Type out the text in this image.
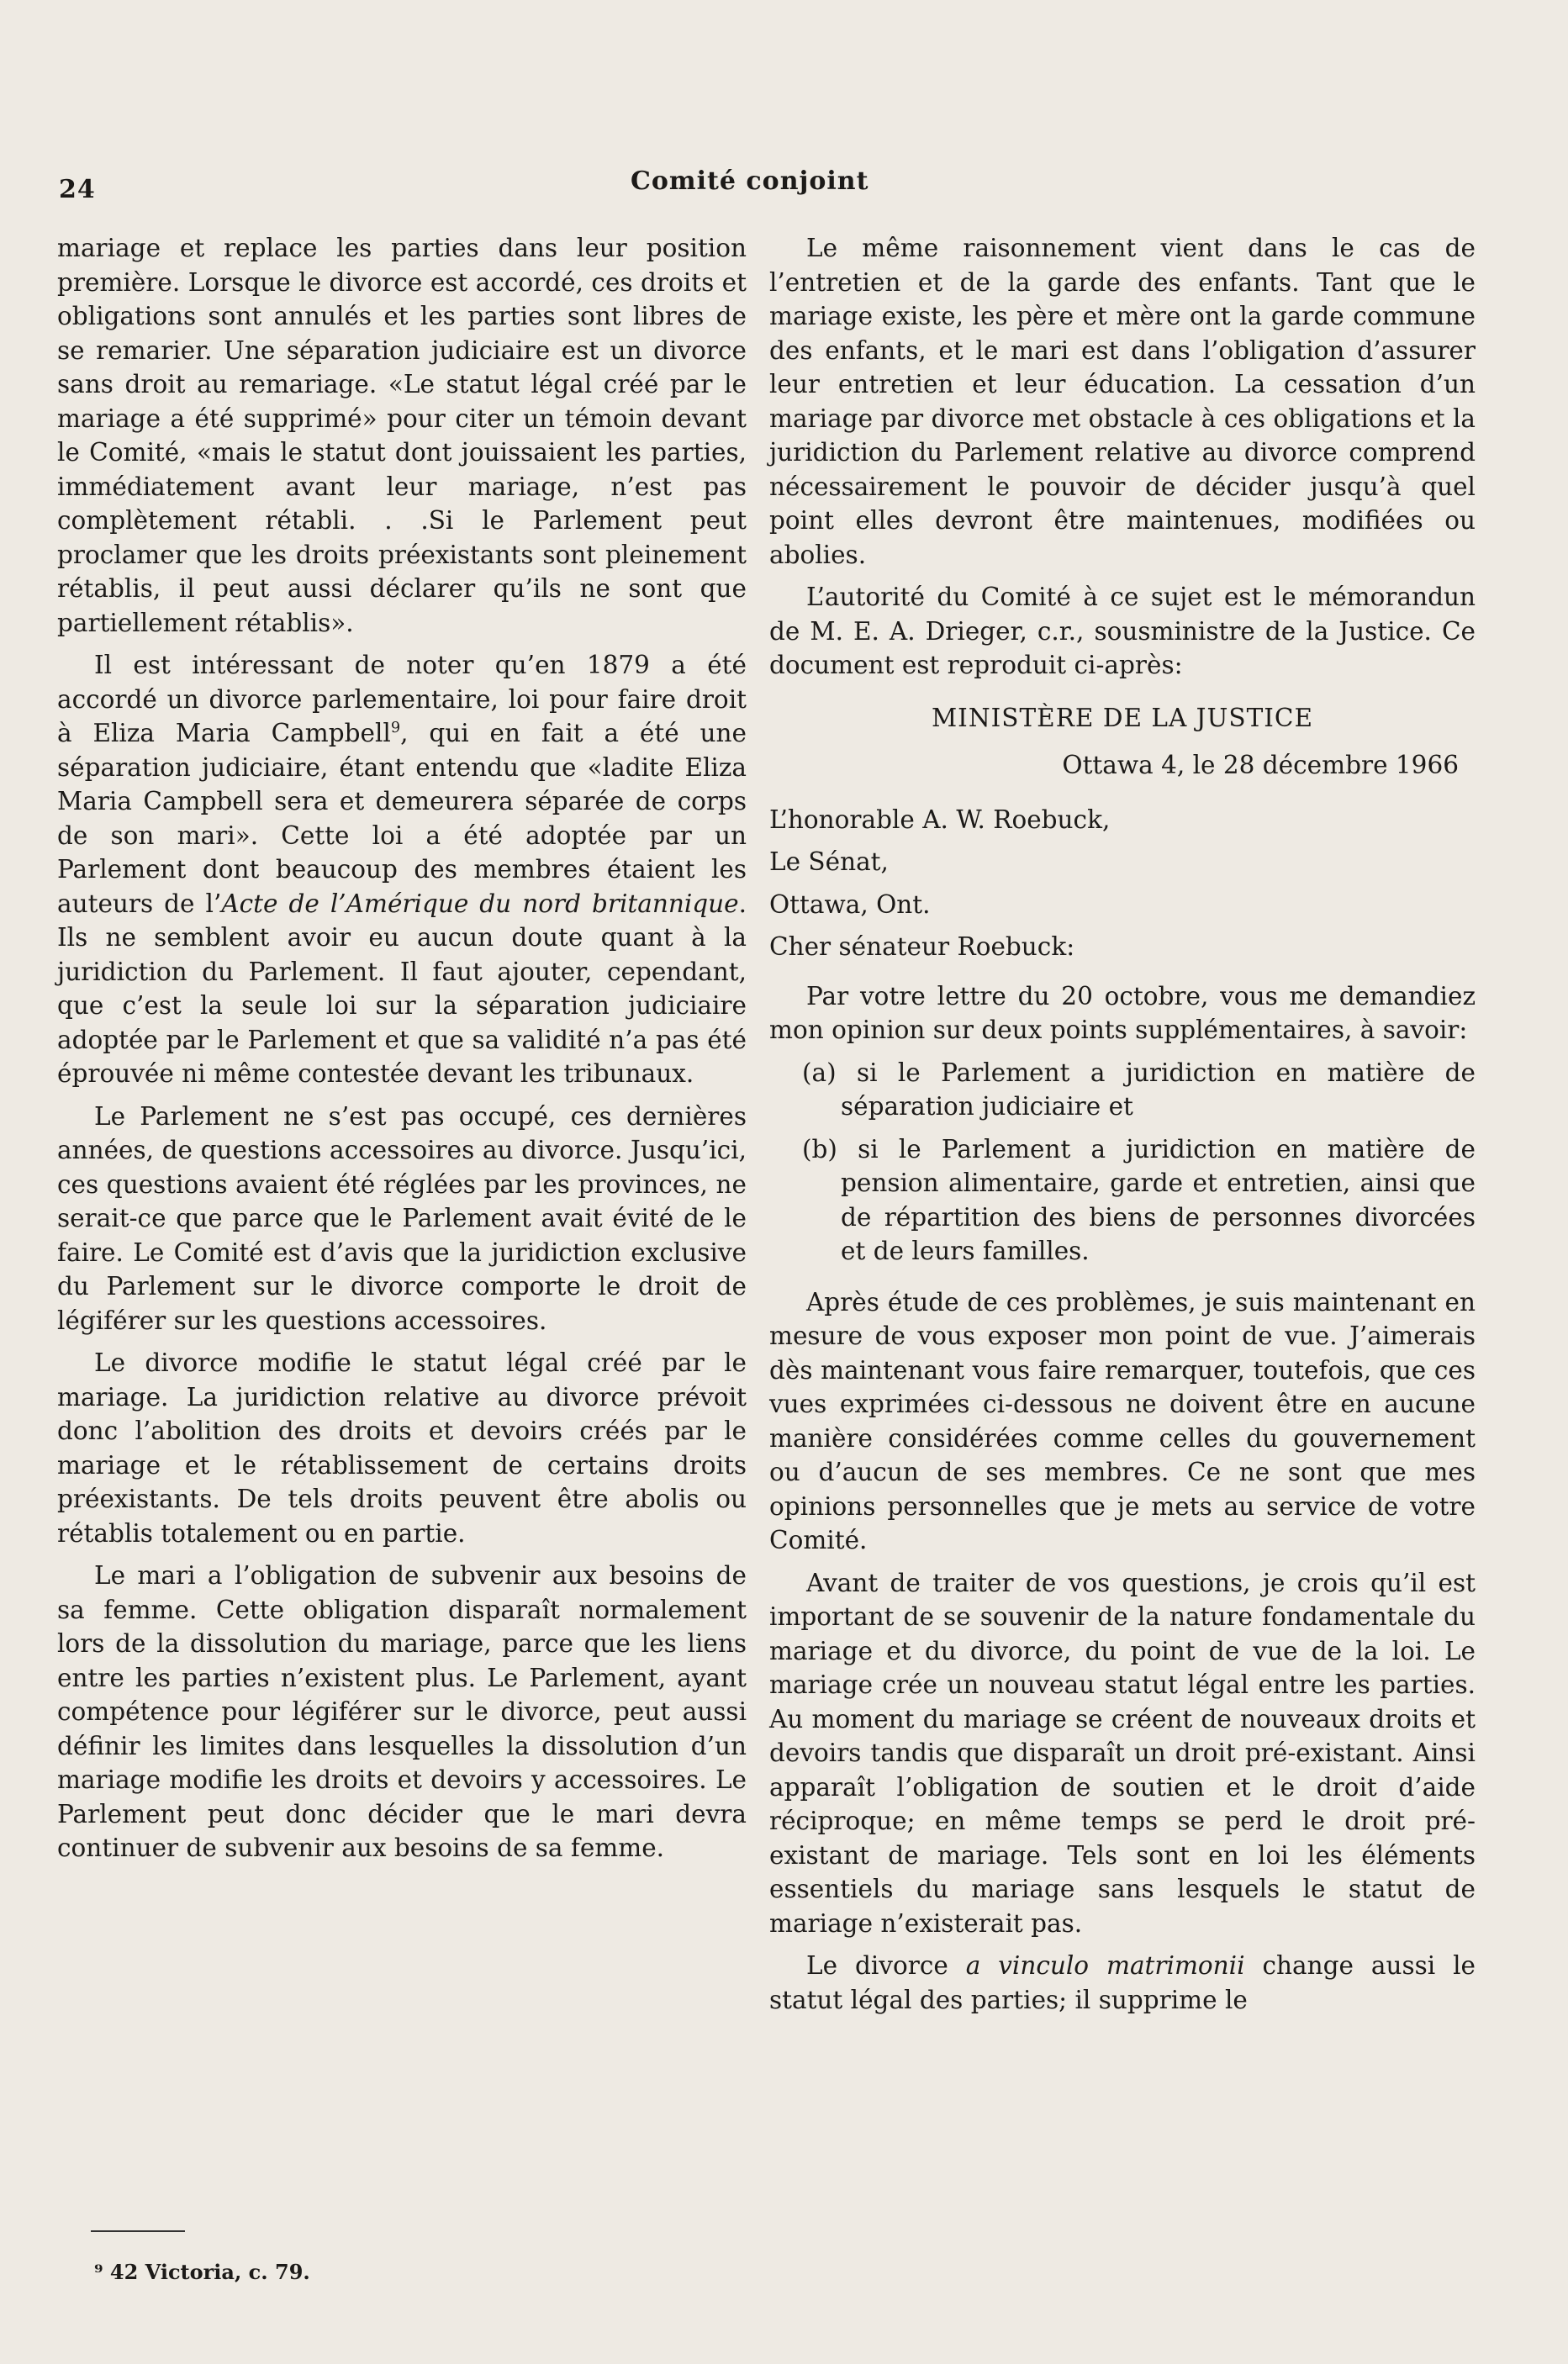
24	Comité conjoint

mariage et replace les parties dans leur position première. Lorsque le divorce est accordé, ces droits et obligations sont annulés et les parties sont libres de se remarier. Une séparation judiciaire est un divorce sans droit au remariage. «Le statut légal créé par le mariage a été supprimé» pour citer un témoin devant le Comité, «mais le statut dont jouissaient les parties, immédiatement avant leur mariage, n’est pas complètement rétabli. . .Si le Parlement peut proclamer que les droits préexistants sont pleinement rétablis, il peut aussi déclarer qu’ils ne sont que partiellement rétablis».

Il est intéressant de noter qu’en 1879 a été accordé un divorce parlementaire, loi pour faire droit à Eliza Maria Campbell$^9$, qui en fait a été une séparation judiciaire, étant entendu que «ladite Eliza Maria Campbell sera et demeurera séparée de corps de son mari». Cette loi a été adoptée par un Parlement dont beaucoup des membres étaient les auteurs de l’Acte de l’Amérique du nord britannique. Ils ne semblent avoir eu aucun doute quant à la juridiction du Parlement. Il faut ajouter, cependant, que c’est la seule loi sur la séparation judiciaire adoptée par le Parlement et que sa validité n’a pas été éprouvée ni même contestée devant les tribunaux.

Le Parlement ne s’est pas occupé, ces dernières années, de questions accessoires au divorce. Jusqu’ici, ces questions avaient été réglées par les provinces, ne serait-ce que parce que le Parlement avait évité de le faire. Le Comité est d’avis que la juridiction exclusive du Parlement sur le divorce comporte le droit de légiférer sur les questions accessoires.

Le divorce modifie le statut légal créé par le mariage. La juridiction relative au divorce prévoit donc l’abolition des droits et devoirs créés par le mariage et le rétablissement de certains droits préexistants. De tels droits peuvent être abolis ou rétablis totalement ou en partie.

Le mari a l’obligation de subvenir aux besoins de sa femme. Cette obligation disparaît normalement lors de la dissolution du mariage, parce que les liens entre les parties n’existent plus. Le Parlement, ayant compétence pour légiférer sur le divorce, peut aussi définir les limites dans lesquelles la dissolution d’un mariage modifie les droits et devoirs y accessoires. Le Parlement peut donc décider que le mari devra continuer de subvenir aux besoins de sa femme.

Le même raisonnement vient dans le cas de l’entretien et de la garde des enfants. Tant que le mariage existe, les père et mère ont la garde commune des enfants, et le mari est dans l’obligation d’assurer leur entretien et leur éducation. La cessation d’un mariage par divorce met obstacle à ces obligations et la juridiction du Parlement relative au divorce comprend nécessairement le pouvoir de décider jusqu’à quel point elles devront être maintenues, modifiées ou abolies.

L’autorité du Comité à ce sujet est le mémorandun de M. E. A. Drieger, c.r., sousministre de la Justice. Ce document est reproduit ci-après:

MINISTÈRE DE LA JUSTICE

Ottawa 4, le 28 décembre 1966

L’honorable A. W. Roebuck,

Le Sénat,

Ottawa, Ont.

Cher sénateur Roebuck:

Par votre lettre du 20 octobre, vous me demandiez mon opinion sur deux points supplémentaires, à savoir:

(a) si le Parlement a juridiction en matière de séparation judiciaire et

(b) si le Parlement a juridiction en matière de pension alimentaire, garde et entretien, ainsi que de répartition des biens de personnes divorcées et de leurs familles.

Après étude de ces problèmes, je suis maintenant en mesure de vous exposer mon point de vue. J’aimerais dès maintenant vous faire remarquer, toutefois, que ces vues exprimées ci-dessous ne doivent être en aucune manière considérées comme celles du gouvernement ou d’aucun de ses membres. Ce ne sont que mes opinions personnelles que je mets au service de votre Comité.

Avant de traiter de vos questions, je crois qu’il est important de se souvenir de la nature fondamentale du mariage et du divorce, du point de vue de la loi. Le mariage crée un nouveau statut légal entre les parties. Au moment du mariage se créent de nouveaux droits et devoirs tandis que disparaît un droit pré-existant. Ainsi apparaît l’obligation de soutien et le droit d’aide réciproque; en même temps se perd le droit pré-existant de mariage. Tels sont en loi les éléments essentiels du mariage sans lesquels le statut de mariage n’existerait pas.

Le divorce a vinculo matrimonii change aussi le statut légal des parties; il supprime le

⁹ 42 Victoria, c. 79.
